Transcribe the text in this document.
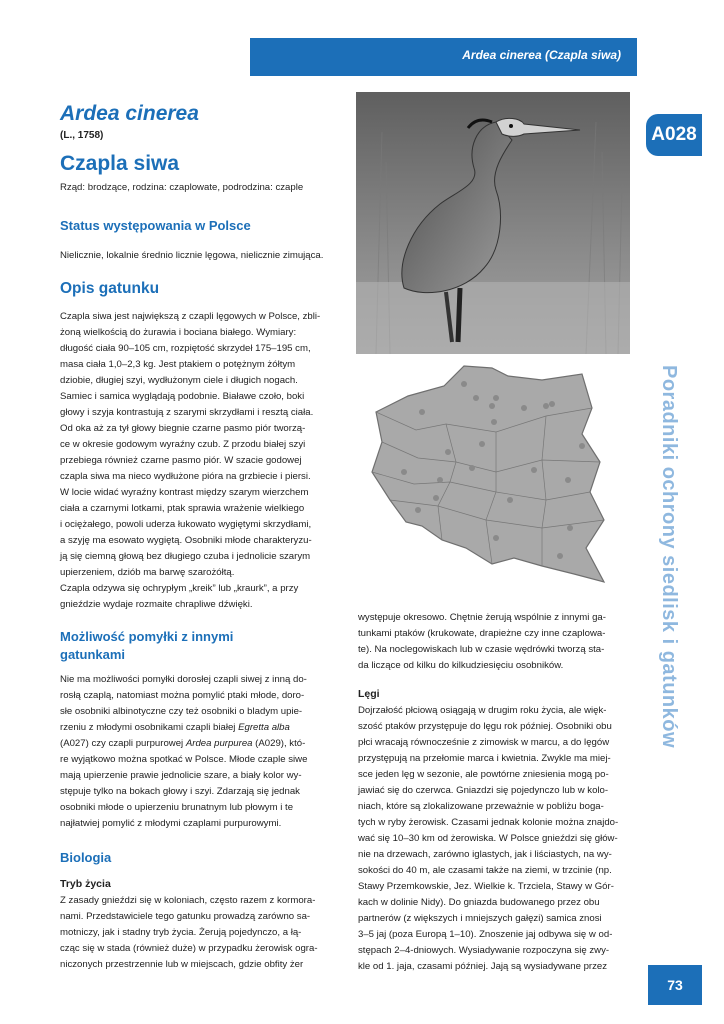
Ardea cinerea (Czapla siwa)
A028
Poradniki ochrony siedlisk i gatunków
73
Ardea cinerea
(L., 1758)
Czapla siwa
Rząd: brodzące, rodzina: czaplowate, podrodzina: czaple
Status występowania w Polsce
Nielicznie, lokalnie średnio licznie lęgowa, nielicznie zimująca.
Opis gatunku

Czapla siwa jest największą z czapli lęgowych w Polsce, zbli-

żoną wielkością do żurawia i bociana białego. Wymiary:

długość ciała 90–105 cm, rozpiętość skrzydeł 175–195 cm,

masa ciała 1,0–2,3 kg. Jest ptakiem o potężnym żółtym

dziobie, długiej szyi, wydłużonym ciele i długich nogach.

Samiec i samica wyglądają podobnie. Białawe czoło, boki

głowy i szyja kontrastują z szarymi skrzydłami i resztą ciała.

Od oka aż za tył głowy biegnie czarne pasmo piór tworzą-

ce w okresie godowym wyraźny czub. Z przodu białej szyi

przebiega również czarne pasmo piór. W szacie godowej

czapla siwa ma nieco wydłużone pióra na grzbiecie i piersi.

W locie widać wyraźny kontrast między szarym wierzchem

ciała a czarnymi lotkami, ptak sprawia wrażenie wielkiego

i ociężałego, powoli uderza łukowato wygiętymi skrzydłami,

a szyję ma esowato wygiętą. Osobniki młode charakteryzu-

ją się ciemną głową bez długiego czuba i jednolicie szarym

upierzeniem, dziób ma barwę szarożółtą.

Czapla odzywa się ochrypłym „kreik” lub „kraurk”, a przy

gnieździe wydaje rozmaite chrapliwe dźwięki.

Możliwość pomyłki z innymi
gatunkami

Nie ma możliwości pomyłki dorosłej czapli siwej z inną do-

rosłą czaplą, natomiast można pomylić ptaki młode, doro-

słe osobniki albinotyczne czy też osobniki o bladym upie-

rzeniu z młodymi osobnikami czapli białej Egretta alba

(A027) czy czapli purpurowej Ardea purpurea (A029), któ-

re wyjątkowo można spotkać w Polsce. Młode czaple siwe

mają upierzenie prawie jednolicie szare, a biały kolor wy-

stępuje tylko na bokach głowy i szyi. Zdarzają się jednak

osobniki młode o upierzeniu brunatnym lub płowym i te

najłatwiej pomylić z młodymi czaplami purpurowymi.

Biologia
Tryb życia

Z zasady gnieździ się w koloniach, często razem z kormora-

nami. Przedstawiciele tego gatunku prowadzą zarówno sa-

motniczy, jak i stadny tryb życia. Żerują pojedynczo, a łą-

cząc się w stada (również duże) w przypadku żerowisk ogra-

niczonych przestrzennie lub w miejscach, gdzie obfity żer

występuje okresowo. Chętnie żerują wspólnie z innymi ga-

tunkami ptaków (krukowate, drapieżne czy inne czaplowa-

te). Na noclegowiskach lub w czasie wędrówki tworzą sta-

da liczące od kilku do kilkudziesięciu osobników.

Lęgi

Dojrzałość płciową osiągają w drugim roku życia, ale więk-

szość ptaków przystępuje do lęgu rok później. Osobniki obu

płci wracają równocześnie z zimowisk w marcu, a do lęgów

przystępują na przełomie marca i kwietnia. Zwykle ma miej-

sce jeden lęg w sezonie, ale powtórne zniesienia mogą po-

jawiać się do czerwca. Gniazdzi się pojedynczo lub w kolo-

niach, które są zlokalizowane przeważnie w pobliżu boga-

tych w ryby żerowisk. Czasami jednak kolonie można znajdo-

wać się 10–30 km od żerowiska. W Polsce gnieździ się głów-

nie na drzewach, zarówno iglastych, jak i liściastych, na wy-

sokości do 40 m, ale czasami także na ziemi, w trzcinie (np.

Stawy Przemkowskie, Jez. Wielkie k. Trzciela, Stawy w Gór-

kach w dolinie Nidy). Do gniazda budowanego przez obu

partnerów (z większych i mniejszych gałęzi) samica znosi

3–5 jaj (poza Europą 1–10). Znoszenie jaj odbywa się w od-

stępach 2–4-dniowych. Wysiadywanie rozpoczyna się zwy-

kle od 1. jaja, czasami później. Jają są wysiadywane przez
